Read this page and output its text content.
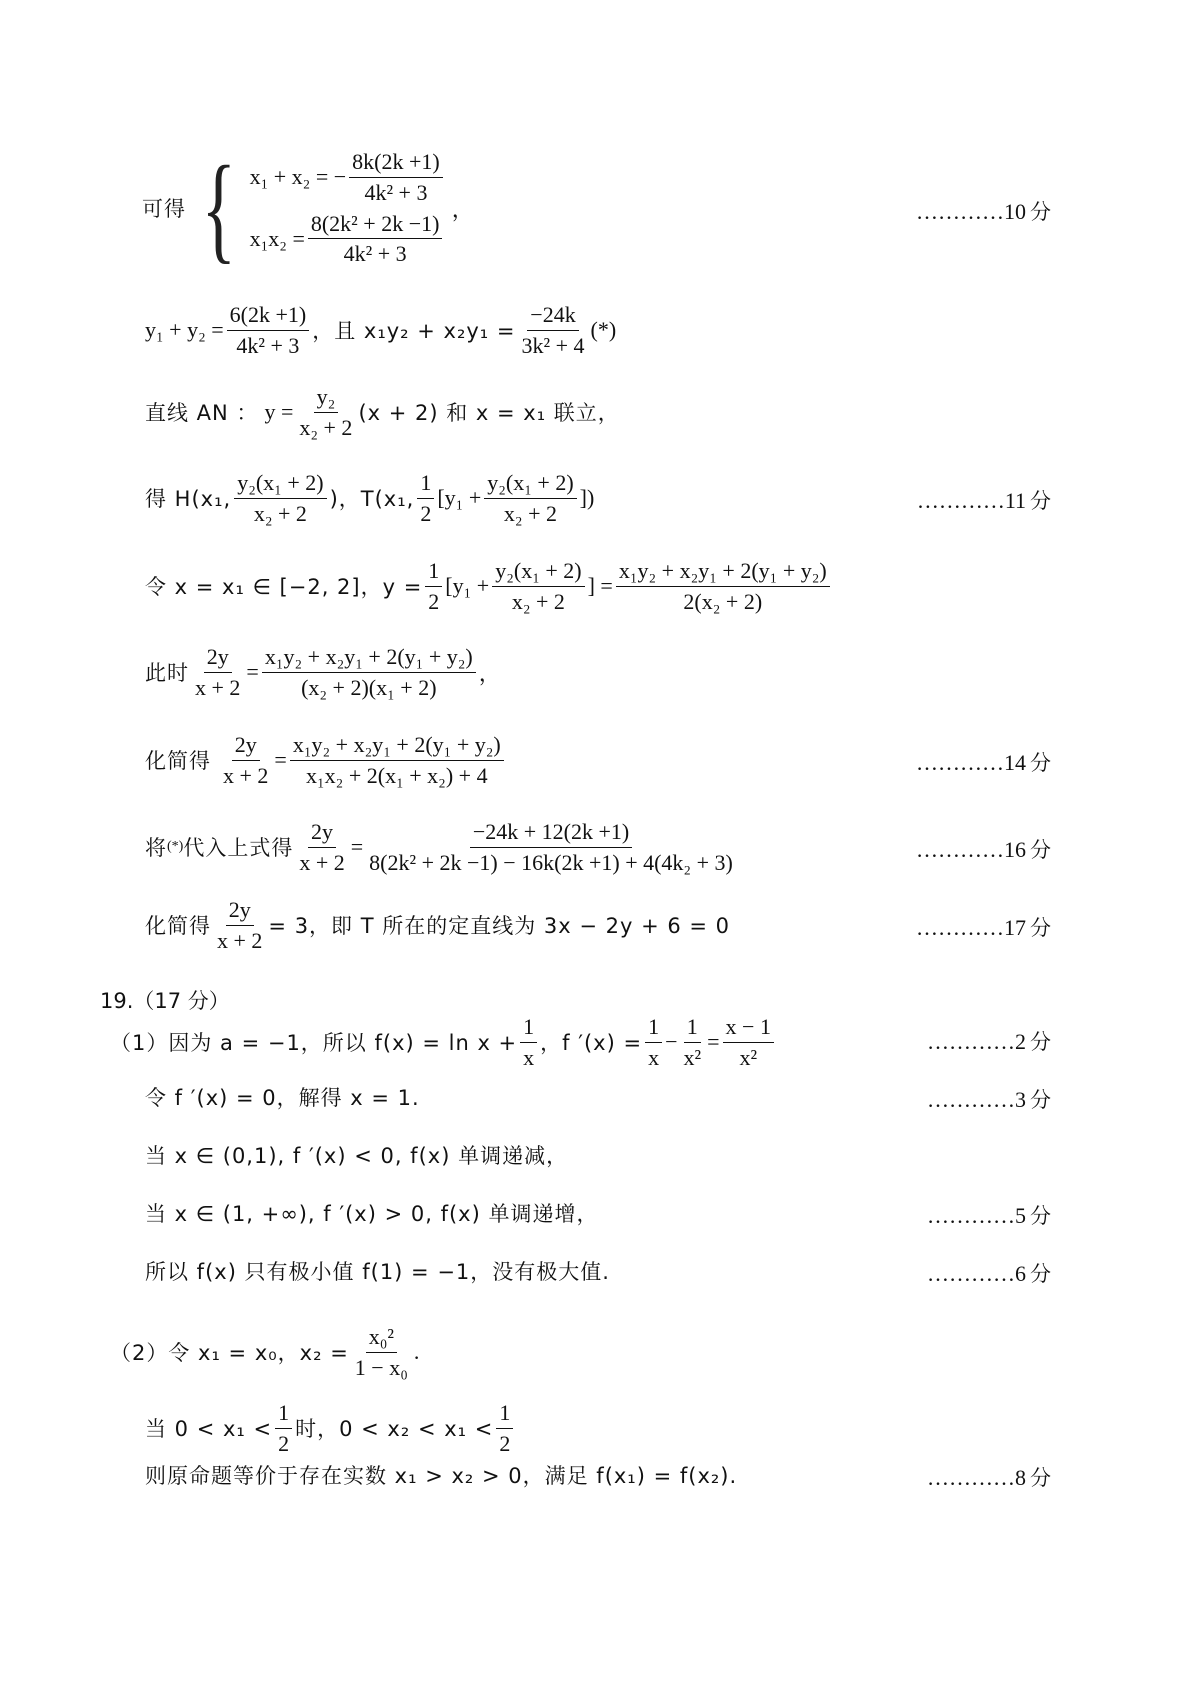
可得 { x₁ + x₂ = − $\frac{8k(2k +1)}{\text{4k² + 3}}$
$x_1x_2 = \frac{\text{8(2k² + 2k −1)}}{\text{4k² + 3}}$
，	…………10 分
$y_1 + y_2 = \frac{6(2k +1)}{\text{4k² + 3}}$ ，且 $x_1y_2 + x_2y_1 = \frac{-24k}{\text{3k² + 4}}$ (*)
直线 AN ： $y = \frac{\text{y₂}}{\text{x₂ + 2}} (x + 2)$ 和 x = x₁ 联立，
得 H(x₁, $\frac{\text{y₂(x₁ + 2)}}{\text{x₂ + 2}}$ )，T(x₁, $\frac{1}{2} [y_1 + \frac{\text{y₂(x₁ + 2)}}{\text{x₂ + 2}}$ ])	…………11 分
令 x = x₁ ∈ [−2, 2]，$y = \frac{1}{2} [y_1 + \frac{\text{y₂(x₁ + 2)}}{\text{x₂ + 2}}$ ] = $\frac{\text{x₁y₂ + x₂y₁ + 2(y₁ + y₂)}}{\text{2(x₂ + 2)}}$
此时 $\frac{2y}{x + 2} = \frac{\text{x₁y₂ + x₂y₁ + 2(y₁ + y₂)}}{\text{(x₂ + 2)(x₁ + 2)}}$ ，
化简得 $\frac{2y}{x + 2} = \frac{\text{x₁y₂ + x₂y₁ + 2(y₁ + y₂)}}{\text{x₁x₂ + 2(x₁ + x₂) + 4}}$	…………14 分
将 (*) 代入上式得 $\frac{2y}{x + 2} = \frac{-24k + 12(2k +1)}{\text{8(2k² + 2k −1) − 16k(2k +1) + 4(4k₂ + 3)}}$	…………16 分
化简得 $\frac{2y}{x + 2} = 3$，即 T 所在的定直线为 3x − 2y + 6 = 0	…………17 分
19.（17 分）
（1）因为 a = −1，所以 $f(x) = \ln x + \frac{1}{x}$ ，f $'(x) = \frac{1}{x} - \frac{1}{\text{x²}} = \frac{x - 1}{\text{x²}}$	…………2 分
令 f ′(x) = 0，解得 x = 1.	…………3 分
当 x ∈ (0,1), f ′(x) < 0, f(x) 单调递减，
当 x ∈ (1, +∞), f ′(x) > 0, f(x) 单调递增，	…………5 分
所以 f(x) 只有极小值 f(1) = −1，没有极大值.	…………6 分
（2）令 x₁ = x₀，$x_2 = \frac{\text{x₀²}}{\text{1 − x₀}}$ .
当 $0 < x_1 < \frac{1}{2}$ 时，$0 < x_2 < x_1 < \frac{1}{2}$
则原命题等价于存在实数 x₁ > x₂ > 0，满足 f(x₁) = f(x₂).	…………8 分
